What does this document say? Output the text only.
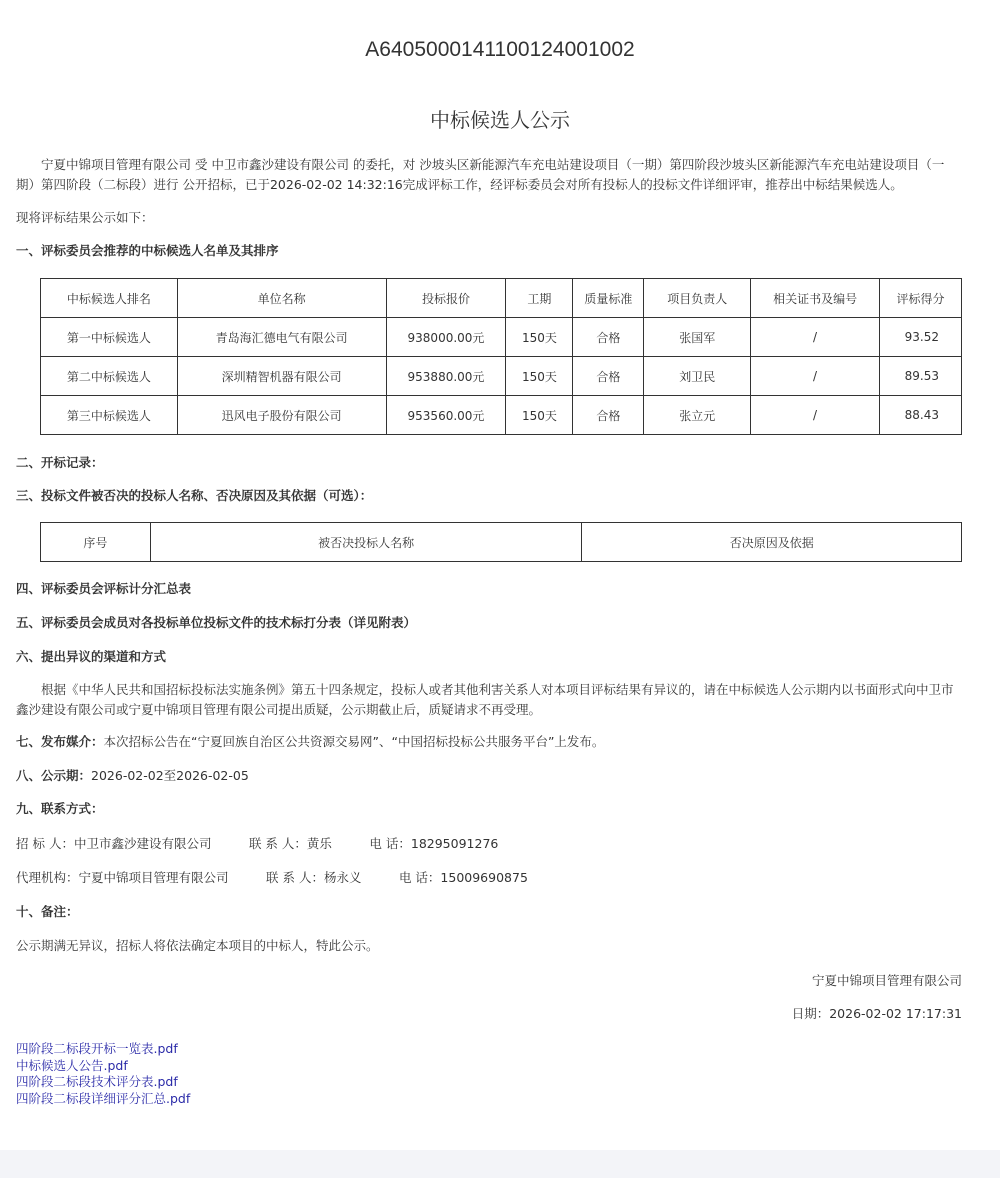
A6405000141100124001002
中标候选人公示
宁夏中锦项目管理有限公司 受 中卫市鑫沙建设有限公司 的委托，对 沙坡头区新能源汽车充电站建设项目（一期）第四阶段沙坡头区新能源汽车充电站建设项目（一期）第四阶段（二标段）进行 公开招标，已于2026-02-02 14:32:16完成评标工作，经评标委员会对所有投标人的投标文件详细评审，推荐出中标结果候选人。
现将评标结果公示如下：
一、评标委员会推荐的中标候选人名单及其排序
中标候选人排名	单位名称	投标报价	工期	质量标准	项目负责人	相关证书及编号	评标得分
第一中标候选人	青岛海汇德电气有限公司	938000.00元	150天	合格	张国军	/	93.52
第二中标候选人	深圳精智机器有限公司	953880.00元	150天	合格	刘卫民	/	89.53
第三中标候选人	迅风电子股份有限公司	953560.00元	150天	合格	张立元	/	88.43
二、开标记录：
三、投标文件被否决的投标人名称、否决原因及其依据（可选）：
序号	被否决投标人名称	否决原因及依据
四、评标委员会评标计分汇总表
五、评标委员会成员对各投标单位投标文件的技术标打分表（详见附表）
六、提出异议的渠道和方式
根据《中华人民共和国招标投标法实施条例》第五十四条规定，投标人或者其他利害关系人对本项目评标结果有异议的，请在中标候选人公示期内以书面形式向中卫市鑫沙建设有限公司或宁夏中锦项目管理有限公司提出质疑，公示期截止后，质疑请求不再受理。
七、发布媒介：本次招标公告在“宁夏回族自治区公共资源交易网”、“中国招标投标公共服务平台”上发布。
八、公示期：2026-02-02至2026-02-05
九、联系方式：
招 标 人：中卫市鑫沙建设有限公司　　　联 系 人：黄乐　　　电 话：18295091276
代理机构：宁夏中锦项目管理有限公司　　　联 系 人：杨永义　　　电 话：15009690875
十、备注：
公示期满无异议，招标人将依法确定本项目的中标人，特此公示。
宁夏中锦项目管理有限公司
日期：2026-02-02 17:17:31
四阶段二标段开标一览表.pdf
中标候选人公告.pdf
四阶段二标段技术评分表.pdf
四阶段二标段详细评分汇总.pdf
